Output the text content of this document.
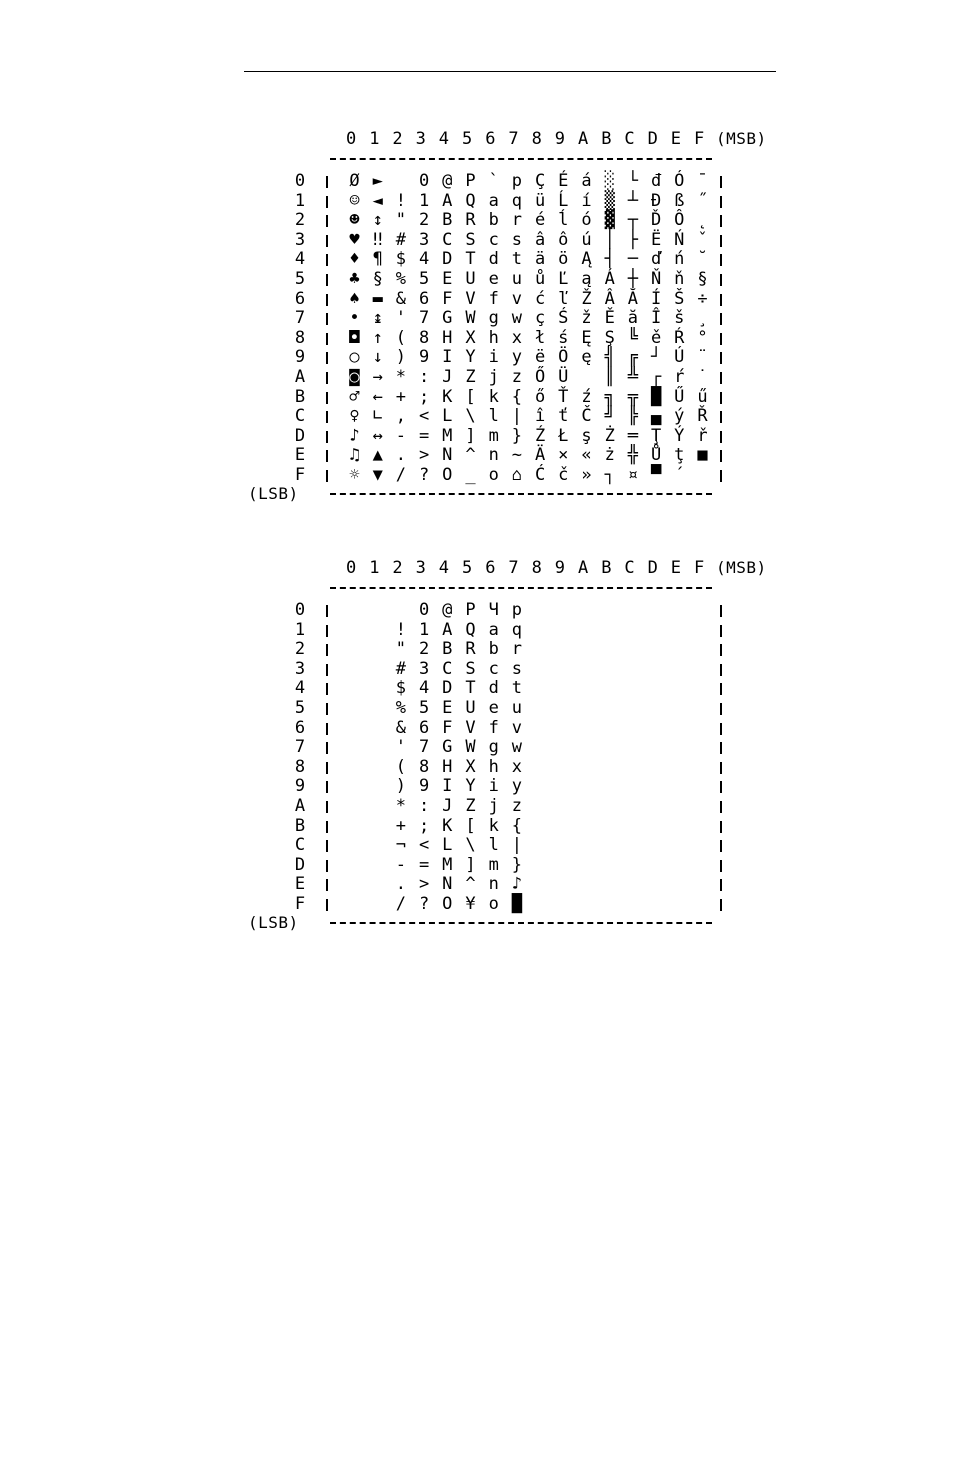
0 1 2 3 4 5 6 7 8 9 A B C D E F (MSB)
0
1
2
3
4
5
6
7
8
9
A
B
C
D
E
F
(LSB)
Ø ►	0 @ P ` p Ç É á ░ └ đ Ó ¯
☺ ◄ ! 1 A Q a q ü Ĺ í ▒ ┴ Đ ß ˝
☻ ↕ " 2 B R b r é ĺ ó ▓ ┬ Ď Ô ˛
♥ ‼ # 3 C S c s â ô ú │ ├ Ë Ń ˇ
♦ ¶ $ 4 D T d t ä ö Ą ┤ ─ ď ń ˘
♣ § % 5 E U e u ů Ľ ą Á ┼ Ň ň §
♠ ▬ & 6 F V f v ć ľ Ž Â Ă Í Š ÷
• ↨ ' 7 G W g w ç Ś ž Ě ă Î š ¸
◘ ↑ ( 8 H X h x ł ś Ę Ş ╚ ě Ŕ °
○ ↓ ) 9 I Y i y ë Ö ę ╣ ╔ ┘ Ú ¨
◙ → * : J Z j z Ő Ü	║ ╩ ┌ ŕ ˙
♂ ← + ; K [ k { ő Ť ź ╗ ╦ █ Ű ű
♀ ∟ , < L \ l | î ť Č ╝ ╠ ▄ ý Ř
♪ ↔ - = M ] m } Ź Ł ş Ż ═ Ţ Ý ř
♫ ▲ . > N ^ n ~ Ä × « ż ╬ Ů ţ ■
☼ ▼ / ? O _ o ⌂ Ć č » ┐ ¤ ▀ ´
0 1 2 3 4 5 6 7 8 9 A B C D E F (MSB)
0
1
2
3
4
5
6
7
8
9
A
B
C
D
E
F
(LSB)
0 @ P Ч p
! 1 A Q a q
" 2 B R b r
# 3 C S c s
$ 4 D T d t
% 5 E U e u
& 6 F V f v
' 7 G W g w
( 8 H X h x
) 9 I Y i y
* : J Z j z
+ ; K [ k {
¬ < L \ l |
- = M ] m }
. > N ^ n ♪
/ ? O ¥ o █
